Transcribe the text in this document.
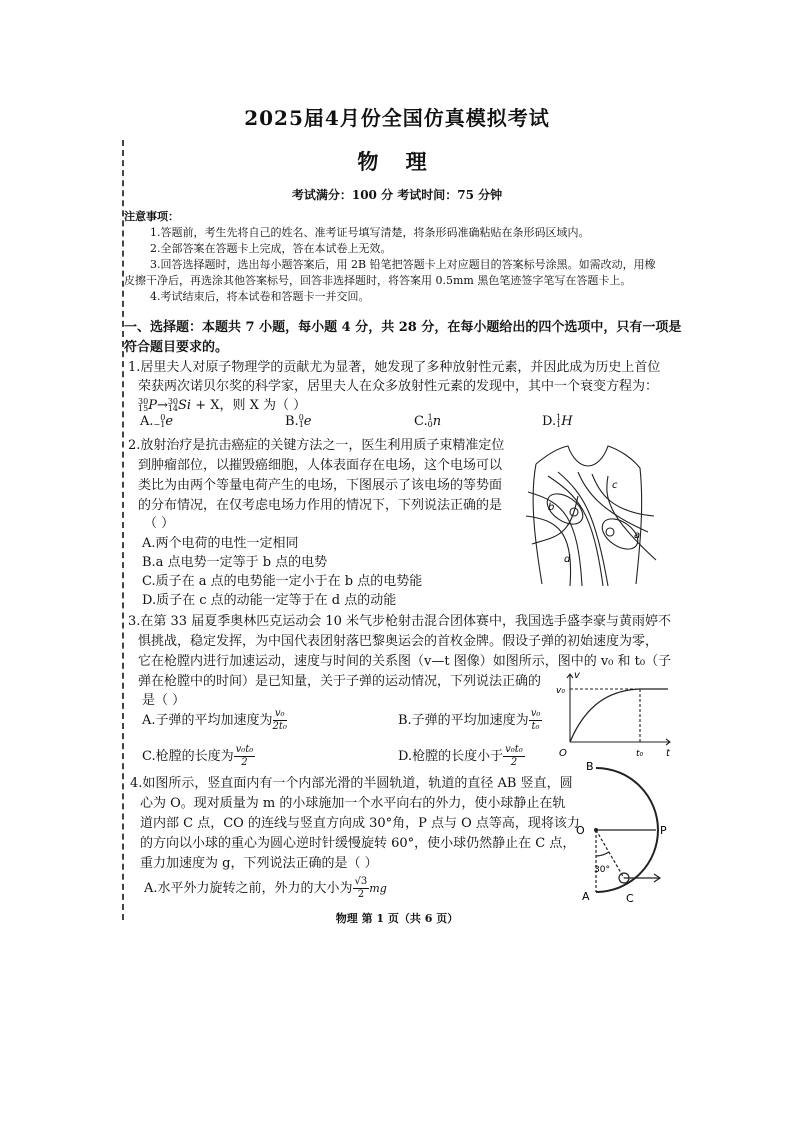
2025届4月份全国仿真模拟考试
物 理
考试满分：100 分 考试时间：75 分钟
注意事项：
1.答题前，考生先将自己的姓名、准考证号填写清楚，将条形码准确粘贴在条形码区域内。
2.全部答案在答题卡上完成，答在本试卷上无效。
3.回答选择题时，选出每小题答案后，用 2B 铅笔把答题卡上对应题目的答案标号涂黑。如需改动，用橡
皮擦干净后，再选涂其他答案标号，回答非选择题时，将答案用 0.5mm 黑色笔迹签字笔写在答题卡上。
4.考试结束后，将本试卷和答题卡一并交回。
一、选择题：本题共 7 小题，每小题 4 分，共 28 分，在每小题给出的四个选项中，只有一项是
符合题目要求的。
1.居里夫人对原子物理学的贡献尤为显著，她发现了多种放射性元素，并因此成为历史上首位
荣获两次诺贝尔奖的科学家，居里夫人在众多放射性元素的发现中，其中一个衰变方程为：
30
15P→30
14Si + X，则 X 为（ ）
A. 0
−1e	B.0
1e	C.1
0n	D.1
1H
2.放射治疗是抗击癌症的关键方法之一，医生利用质子束精准定位
到肿瘤部位，以摧毁癌细胞，人体表面存在电场，这个电场可以
类比为由两个等量电荷产生的电场，下图展示了该电场的等势面
的分布情况，在仅考虑电场力作用的情况下，下列说法正确的是
（ ）
A.两个电荷的电性一定相同
B.a 点电势一定等于 b 点的电势
C.质子在 a 点的电势能一定小于在 b 点的电势能
D.质子在 c 点的动能一定等于在 d 点的动能
b
a
c
d
3.在第 33 届夏季奥林匹克运动会 10 米气步枪射击混合团体赛中，我国选手盛李豪与黄雨婷不
惧挑战，稳定发挥，为中国代表团射落巴黎奥运会的首枚金牌。假设子弹的初始速度为零，
它在枪膛内进行加速运动，速度与时间的关系图（v—t 图像）如图所示，图中的 v₀ 和 t₀（子
弹在枪膛中的时间）是已知量，关于子弹的运动情况，下列说法正确的
是（ ）
A.子弹的平均加速度为 $\frac{\text{v₀}}{\text{2t₀}}$	B.子弹的平均加速度为 $\frac{\text{v₀}}{\text{t₀}}$
C.枪膛的长度为 $\frac{\text{v₀t₀}}{2}$	D.枪膛的长度小于 $\frac{\text{v₀t₀}}{2}$
v
v₀
O	t₀ t
4.如图所示，竖直面内有一个内部光滑的半圆轨道，轨道的直径 AB 竖直，圆
心为 O。现对质量为 m 的小球施加一个水平向右的外力，使小球静止在轨
道内部 C 点，CO 的连线与竖直方向成 30°角，P 点与 O 点等高，现将该力
的方向以小球的重心为圆心逆时针缓慢旋转 60°，使小球仍然静止在 C 点，
重力加速度为 g，下列说法正确的是（ ）
A.水平外力旋转之前，外力的大小为 $\frac{√3}{2}$ mg
B
O	P
A	C
30°
物理 第 1 页（共 6 页）
